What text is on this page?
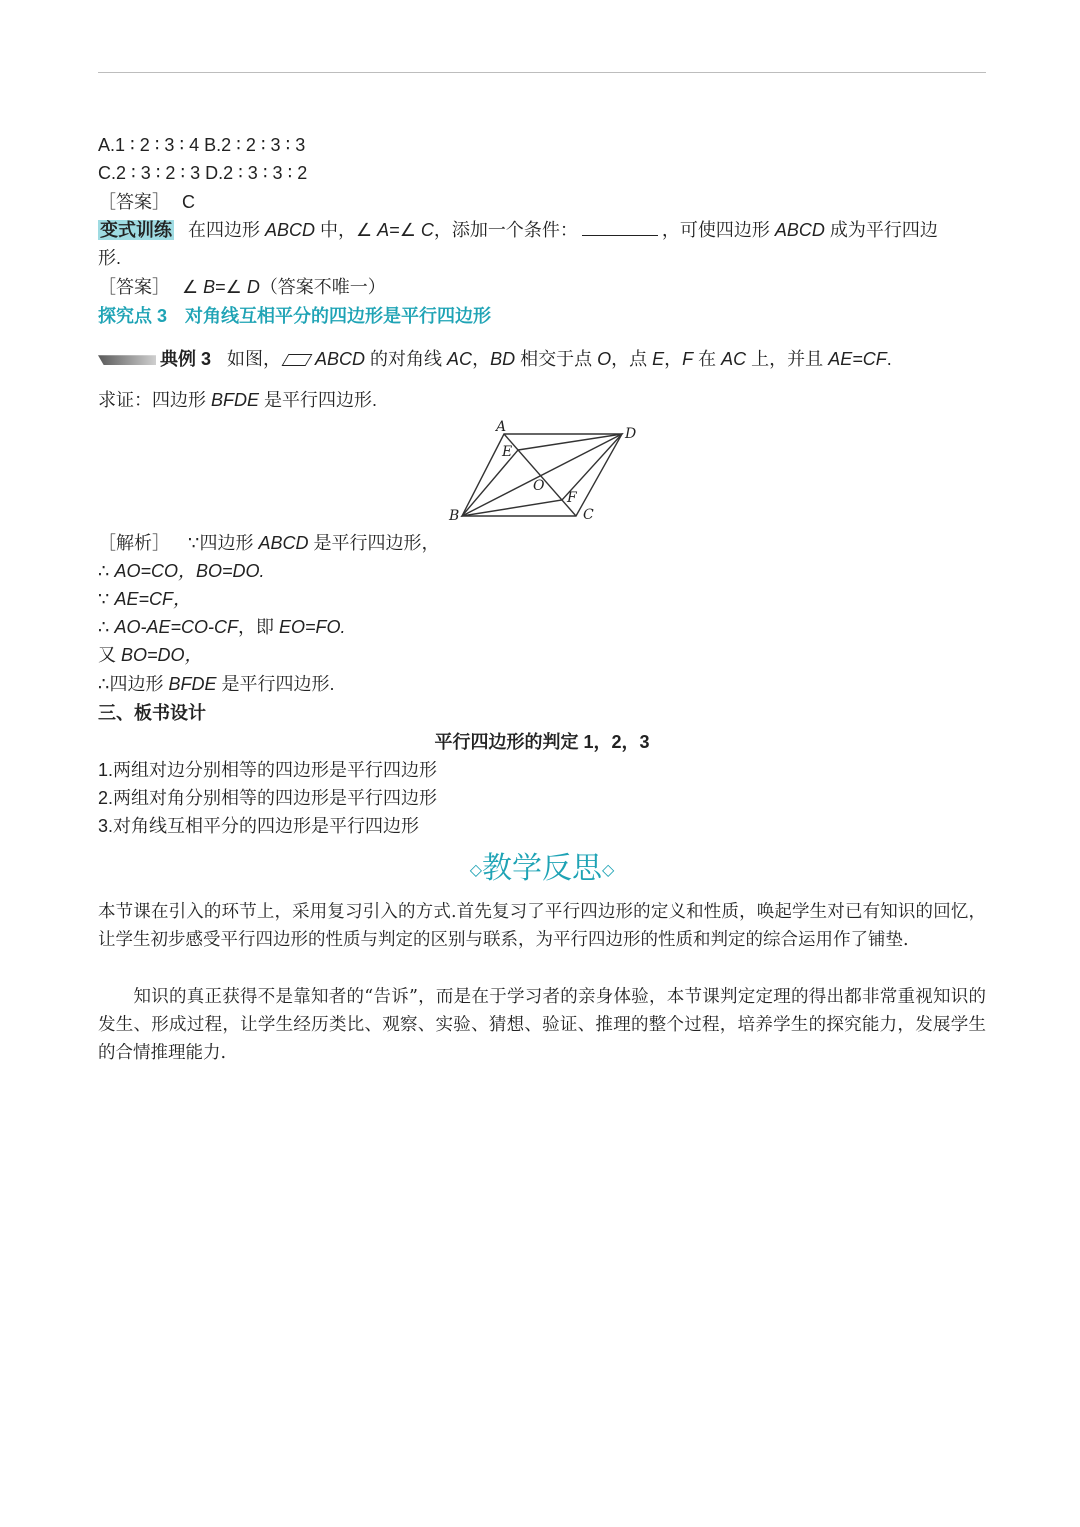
A.1 ∶ 2 ∶ 3 ∶ 4 B.2 ∶ 2 ∶ 3 ∶ 3
C.2 ∶ 3 ∶ 2 ∶ 3 D.2 ∶ 3 ∶ 3 ∶ 2
［答案］ C
变式训练 在四边形 ABCD 中，∠ A=∠ C，添加一个条件：	，可使四边形 ABCD 成为平行四边
形.
［答案］ ∠ B=∠ D（答案不唯一）
探究点 3　对角线互相平分的四边形是平行四边形
典例 3 如图， ABCD 的对角线 AC，BD 相交于点 O，点 E，F 在 AC 上，并且 AE=CF.
求证：四边形 BFDE 是平行四边形.
A	D
E
O
F
B	C
［解析］ ∵四边形 ABCD 是平行四边形，
∴ AO=CO，BO=DO.
∵ AE=CF，
∴ AO-AE=CO-CF，即 EO=FO.
又 BO=DO，
∴四边形 BFDE 是平行四边形.
三、板书设计
平行四边形的判定 1，2，3
1.两组对边分别相等的四边形是平行四边形
2.两组对角分别相等的四边形是平行四边形
3.对角线互相平分的四边形是平行四边形
◇教学反思◇
本节课在引入的环节上，采用复习引入的方式.首先复习了平行四边形的定义和性质，唤起学生对已有知识的回忆，让学生初步感受平行四边形的性质与判定的区别与联系，为平行四边形的性质和判定的综合运用作了铺垫.
　　知识的真正获得不是靠知者的“告诉”，而是在于学习者的亲身体验，本节课判定定理的得出都非常重视知识的发生、形成过程，让学生经历类比、观察、实验、猜想、验证、推理的整个过程，培养学生的探究能力，发展学生的合情推理能力.
